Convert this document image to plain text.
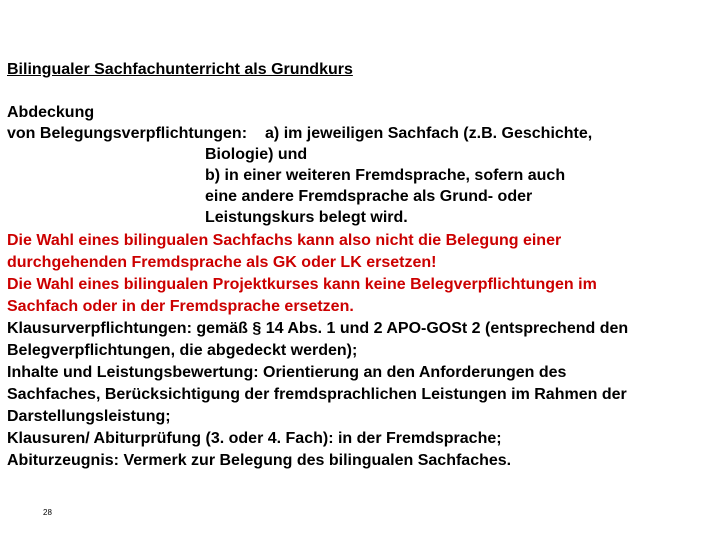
Bilingualer Sachfachunterricht als Grundkurs
Abdeckung
von Belegungsverpflichtungen: a) im jeweiligen Sachfach (z.B. Geschichte,
Biologie) und
b) in einer weiteren Fremdsprache, sofern auch
eine andere Fremdsprache als Grund- oder
Leistungskurs belegt wird.
Die Wahl eines bilingualen Sachfachs kann also nicht die Belegung einer
durchgehenden Fremdsprache als GK oder LK ersetzen!
Die Wahl eines bilingualen Projektkurses kann keine Belegverpflichtungen im
Sachfach oder in der Fremdsprache ersetzen.
Klausurverpflichtungen: gemäß § 14 Abs. 1 und 2 APO-GOSt 2 (entsprechend den
Belegverpflichtungen, die abgedeckt werden);
Inhalte und Leistungsbewertung: Orientierung an den Anforderungen des
Sachfaches, Berücksichtigung der fremdsprachlichen Leistungen im Rahmen der
Darstellungsleistung;
Klausuren/ Abiturprüfung (3. oder 4. Fach): in der Fremdsprache;
Abiturzeugnis: Vermerk zur Belegung des bilingualen Sachfaches.
28
